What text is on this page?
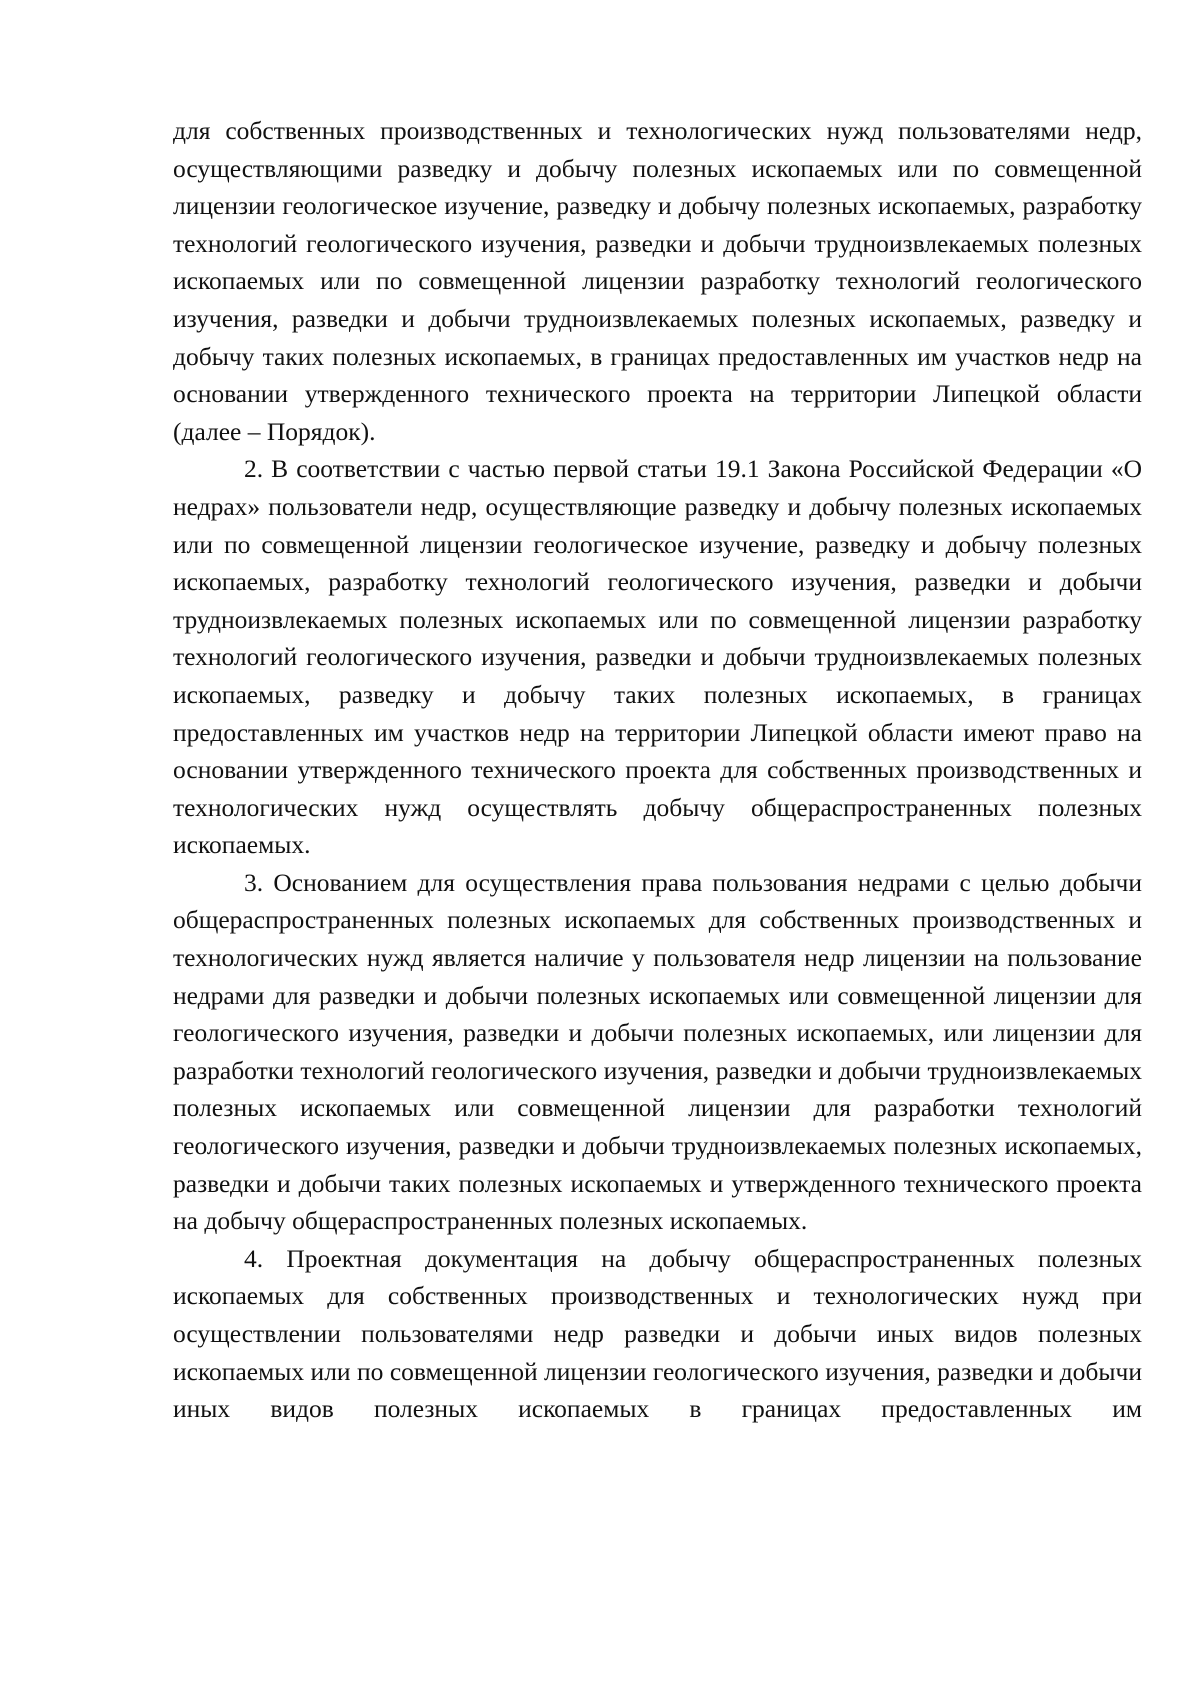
для собственных производственных и технологических нужд пользователями недр, осуществляющими разведку и добычу полезных ископаемых или по совмещенной лицензии геологическое изучение, разведку и добычу полезных ископаемых, разработку технологий геологического изучения, разведки и добычи трудноизвлекаемых полезных ископаемых или по совмещенной лицензии разработку технологий геологического изучения, разведки и добычи трудноизвлекаемых полезных ископаемых, разведку и добычу таких полезных ископаемых, в границах предоставленных им участков недр на основании утвержденного технического проекта на территории Липецкой области (далее – Порядок).

2. В соответствии с частью первой статьи 19.1 Закона Российской Федерации «О недрах» пользователи недр, осуществляющие разведку и добычу полезных ископаемых или по совмещенной лицензии геологическое изучение, разведку и добычу полезных ископаемых, разработку технологий геологического изучения, разведки и добычи трудноизвлекаемых полезных ископаемых или по совмещенной лицензии разработку технологий геологического изучения, разведки и добычи трудноизвлекаемых полезных ископаемых, разведку и добычу таких полезных ископаемых, в границах предоставленных им участков недр на территории Липецкой области имеют право на основании утвержденного технического проекта для собственных производственных и технологических нужд осуществлять добычу общераспространенных полезных ископаемых.

3. Основанием для осуществления права пользования недрами с целью добычи общераспространенных полезных ископаемых для собственных производственных и технологических нужд является наличие у пользователя недр лицензии на пользование недрами для разведки и добычи полезных ископаемых или совмещенной лицензии для геологического изучения, разведки и добычи полезных ископаемых, или лицензии для разработки технологий геологического изучения, разведки и добычи трудноизвлекаемых полезных ископаемых или совмещенной лицензии для разработки технологий геологического изучения, разведки и добычи трудноизвлекаемых полезных ископаемых, разведки и добычи таких полезных ископаемых и утвержденного технического проекта на добычу общераспространенных полезных ископаемых.

4. Проектная документация на добычу общераспространенных полезных ископаемых для собственных производственных и технологических нужд при осуществлении пользователями недр разведки и добычи иных видов полезных ископаемых или по совмещенной лицензии геологического изучения, разведки и добычи иных видов полезных ископаемых в границах предоставленных им
